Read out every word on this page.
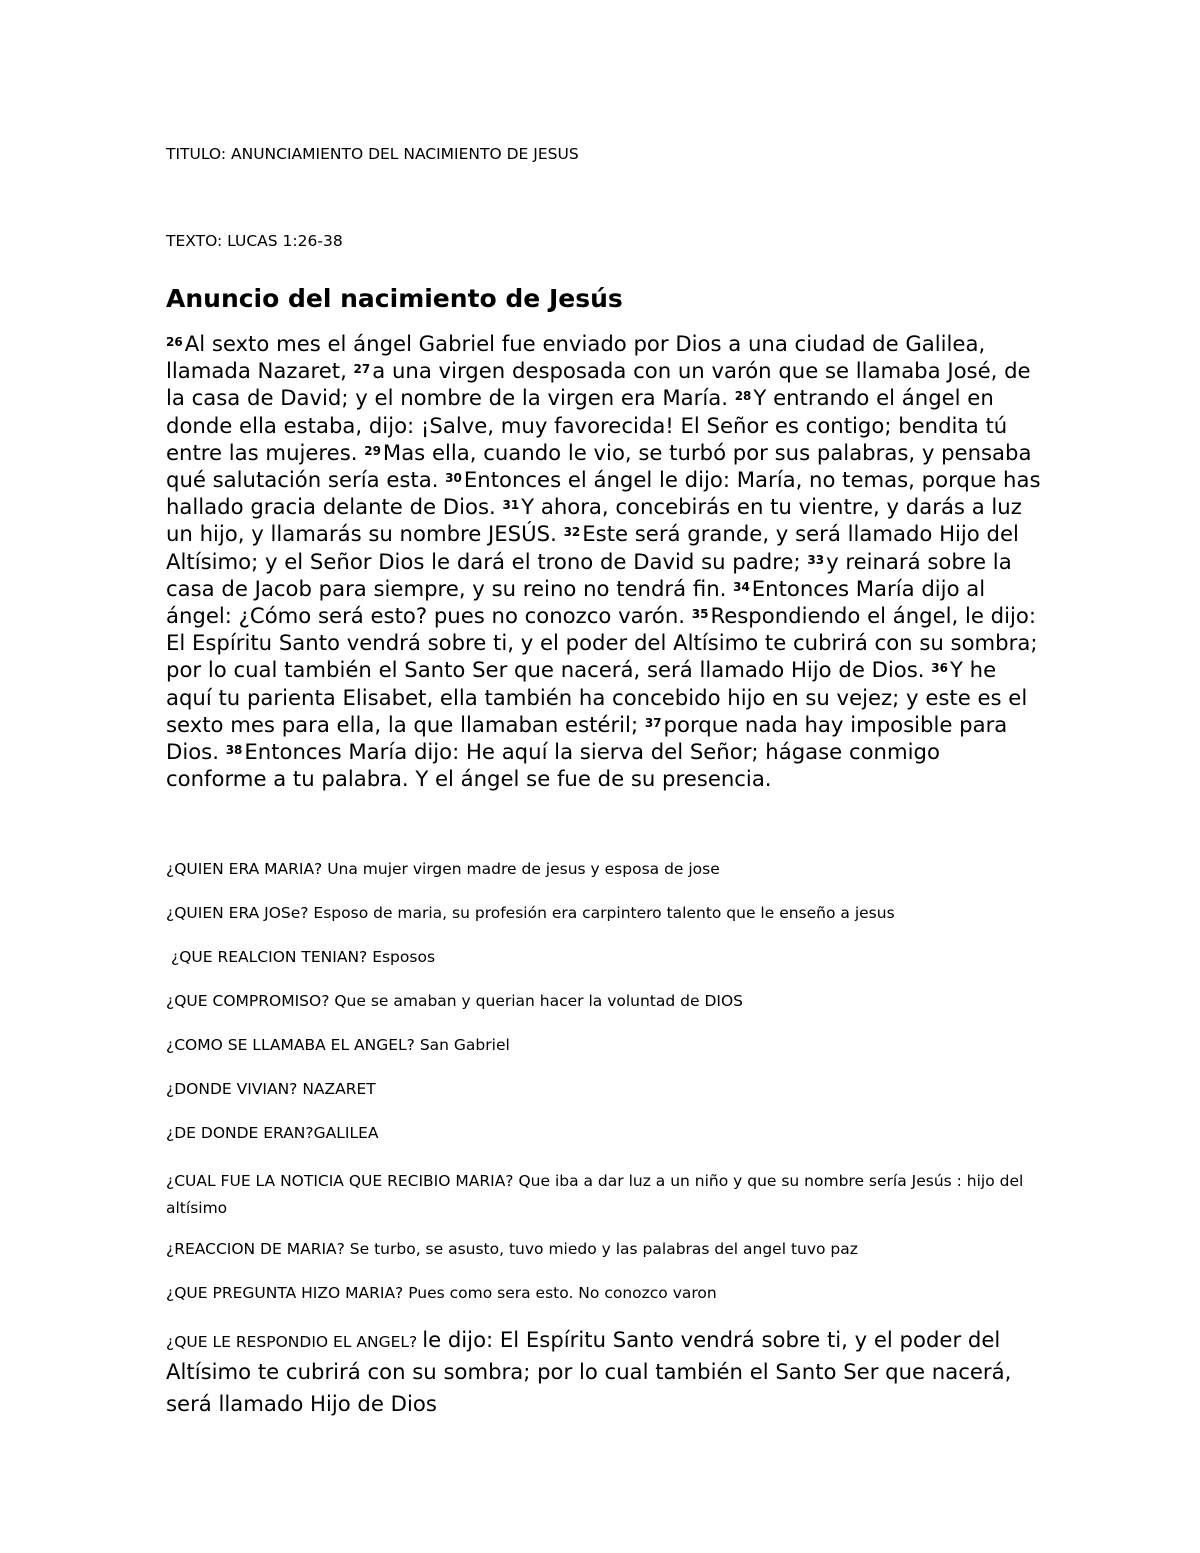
TITULO: ANUNCIAMIENTO DEL NACIMIENTO DE JESUS
TEXTO: LUCAS 1:26-38
Anuncio del nacimiento de Jesús

$^{26}$Al sexto mes el ángel Gabriel fue enviado por Dios a una ciudad de Galilea, llamada Nazaret, $^{27}$a una virgen desposada con un varón que se llamaba José, de la casa de David; y el nombre de la virgen era María. $^{28}$Y entrando el ángel en donde ella estaba, dijo: ¡Salve, muy favorecida! El Señor es contigo; bendita tú entre las mujeres. $^{29}$Mas ella, cuando le vio, se turbó por sus palabras, y pensaba qué salutación sería esta. $^{30}$Entonces el ángel le dijo: María, no temas, porque has hallado gracia delante de Dios. $^{31}$Y ahora, concebirás en tu vientre, y darás a luz un hijo, y llamarás su nombre JESÚS. $^{32}$Este será grande, y será llamado Hijo del Altísimo; y el Señor Dios le dará el trono de David su padre; $^{33}$y reinará sobre la casa de Jacob para siempre, y su reino no tendrá fin. $^{34}$Entonces María dijo al ángel: ¿Cómo será esto? pues no conozco varón. $^{35}$Respondiendo el ángel, le dijo: El Espíritu Santo vendrá sobre ti, y el poder del Altísimo te cubrirá con su sombra; por lo cual también el Santo Ser que nacerá, será llamado Hijo de Dios. $^{36}$Y he aquí tu parienta Elisabet, ella también ha concebido hijo en su vejez; y este es el sexto mes para ella, la que llamaban estéril; $^{37}$porque nada hay imposible para Dios. $^{38}$Entonces María dijo: He aquí la sierva del Señor; hágase conmigo conforme a tu palabra. Y el ángel se fue de su presencia.

¿QUIEN ERA MARIA? Una mujer virgen madre de jesus y esposa de jose
¿QUIEN ERA JOSe? Esposo de maria, su profesión era carpintero talento que le enseño a jesus
¿QUE REALCION TENIAN? Esposos
¿QUE COMPROMISO? Que se amaban y querian hacer la voluntad de DIOS
¿COMO SE LLAMABA EL ANGEL? San Gabriel
¿DONDE VIVIAN? NAZARET
¿DE DONDE ERAN?GALILEA
¿CUAL FUE LA NOTICIA QUE RECIBIO MARIA? Que iba a dar luz a un niño y que su nombre sería Jesús : hijo del altísimo
¿REACCION DE MARIA? Se turbo, se asusto, tuvo miedo y las palabras del angel tuvo paz
¿QUE PREGUNTA HIZO MARIA? Pues como sera esto. No conozco varon
¿QUE LE RESPONDIO EL ANGEL? le dijo: El Espíritu Santo vendrá sobre ti, y el poder del Altísimo te cubrirá con su sombra; por lo cual también el Santo Ser que nacerá, será llamado Hijo de Dios
